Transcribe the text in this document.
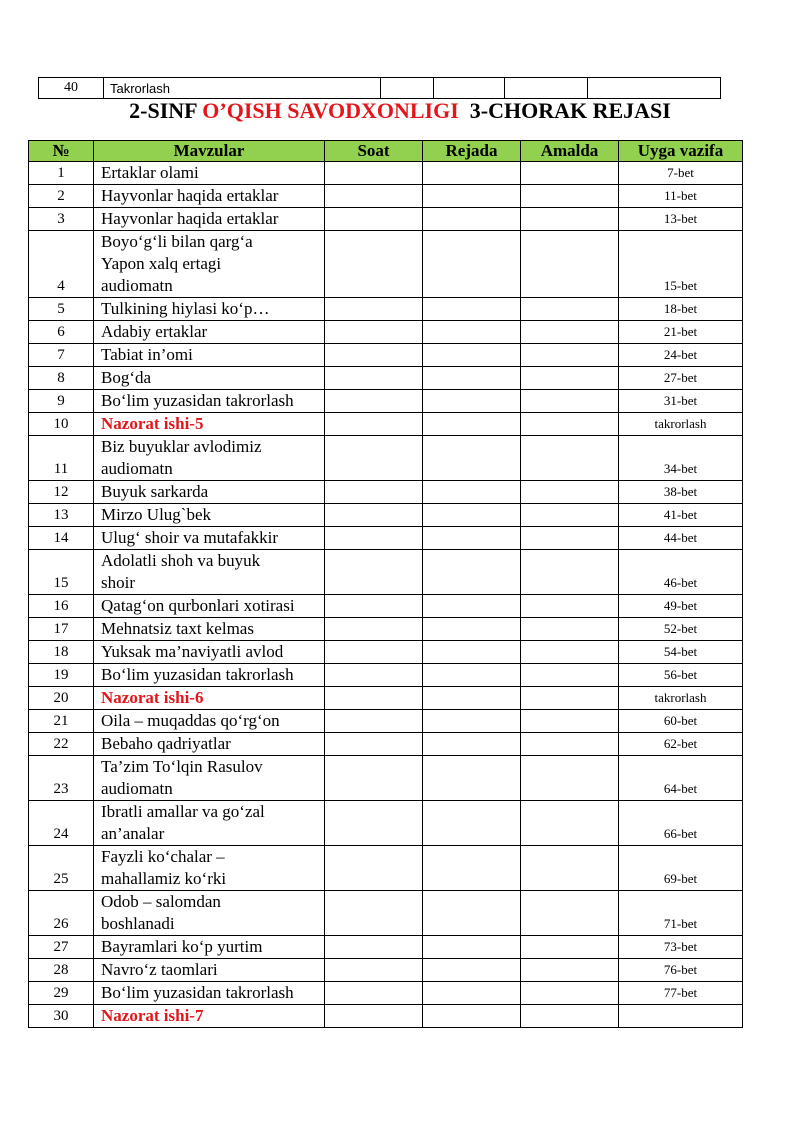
40	Takrorlash				
2-SINF O’QISH SAVODXONLIGI  3-CHORAK REJASI
№	Mavzular	Soat	Rejada	Amalda	Uyga vazifa
1	Ertaklar olami				7-bet
2	Hayvonlar haqida ertaklar				11-bet
3	Hayvonlar haqida ertaklar				13-bet
4	Boyo‘g‘li bilan qarg‘a
Yapon xalq ertagi
audiomatn				15-bet
5	Tulkining hiylasi ko‘p…				18-bet
6	Adabiy ertaklar				21-bet
7	Tabiat in’omi				24-bet
8	Bog‘da				27-bet
9	Bo‘lim yuzasidan takrorlash				31-bet
10	Nazorat ishi-5				takrorlash
11	Biz buyuklar avlodimiz
audiomatn				34-bet
12	Buyuk sarkarda				38-bet
13	Mirzo Ulug`bek				41-bet
14	Ulug‘ shoir va mutafakkir				44-bet
15	Adolatli shoh va buyuk
shoir				46-bet
16	Qatag‘on qurbonlari xotirasi				49-bet
17	Mehnatsiz taxt kelmas				52-bet
18	Yuksak ma’naviyatli avlod				54-bet
19	Bo‘lim yuzasidan takrorlash				56-bet
20	Nazorat ishi-6				takrorlash
21	Oila – muqaddas qo‘rg‘on				60-bet
22	Bebaho qadriyatlar				62-bet
23	Ta’zim To‘lqin Rasulov
audiomatn				64-bet
24	Ibratli amallar va go‘zal
an’analar				66-bet
25	Fayzli ko‘chalar –
mahallamiz ko‘rki				69-bet
26	Odob – salomdan
boshlanadi				71-bet
27	Bayramlari ko‘p yurtim				73-bet
28	Navro‘z taomlari				76-bet
29	Bo‘lim yuzasidan takrorlash				77-bet
30	Nazorat ishi-7				
